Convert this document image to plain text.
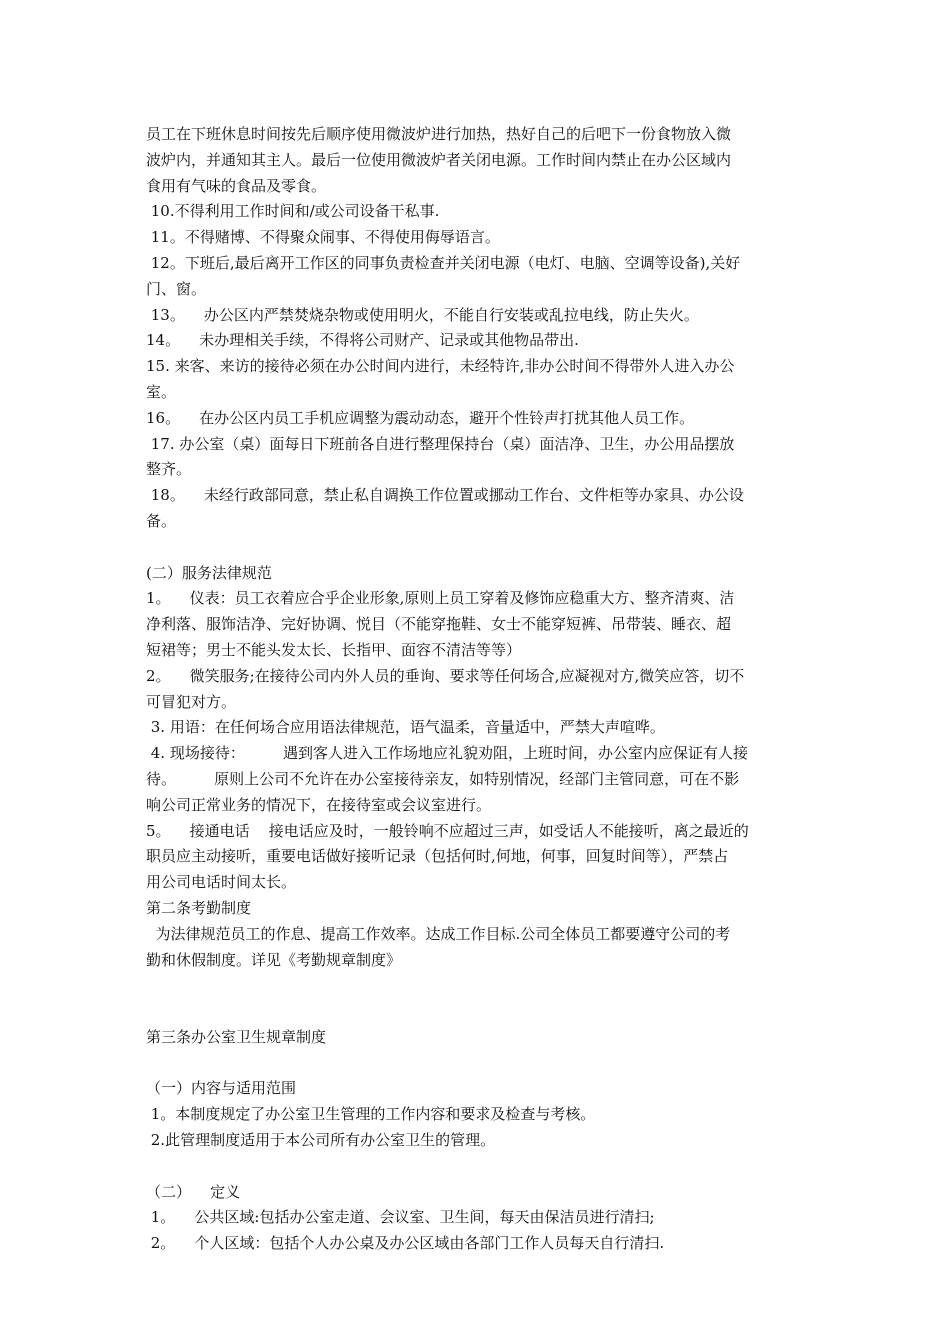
员工在下班休息时间按先后顺序使用微波炉进行加热，热好自己的后吧下一份食物放入微
波炉内，并通知其主人。最后一位使用微波炉者关闭电源。工作时间内禁止在办公区域内
食用有气味的食品及零食。
10.不得利用工作时间和/或公司设备干私事.
11。不得赌博、不得聚众闹事、不得使用侮辱语言。
12。下班后,最后离开工作区的同事负责检查并关闭电源（电灯、电脑、空调等设备),关好
门、窗。
13。    办公区内严禁焚烧杂物或使用明火，不能自行安装或乱拉电线，防止失火。
14。    未办理相关手续，不得将公司财产、记录或其他物品带出.
15. 来客、来访的接待必须在办公时间内进行，未经特许,非办公时间不得带外人进入办公
室。
16。    在办公区内员工手机应调整为震动动态，避开个性铃声打扰其他人员工作。
17. 办公室（桌）面每日下班前各自进行整理保持台（桌）面洁净、卫生，办公用品摆放
整齐。
18。    未经行政部同意，禁止私自调换工作位置或挪动工作台、文件柜等办家具、办公设
备。
(二）服务法律规范
1。    仪表：员工衣着应合乎企业形象,原则上员工穿着及修饰应稳重大方、整齐清爽、洁
净利落、服饰洁净、完好协调、悦目（不能穿拖鞋、女士不能穿短裤、吊带装、睡衣、超
短裙等；男士不能头发太长、长指甲、面容不清洁等等）
2。    微笑服务;在接待公司内外人员的垂询、要求等任何场合,应凝视对方,微笑应答，切不
可冒犯对方。
3. 用语：在任何场合应用语法律规范，语气温柔，音量适中，严禁大声喧哗。
4. 现场接待：        遇到客人进入工作场地应礼貌劝阻，上班时间，办公室内应保证有人接
待。        原则上公司不允许在办公室接待亲友，如特别情况，经部门主管同意，可在不影
响公司正常业务的情况下，在接待室或会议室进行。
5。    接通电话    接电话应及时，一般铃响不应超过三声，如受话人不能接听，离之最近的
职员应主动接听，重要电话做好接听记录（包括何时,何地，何事，回复时间等），严禁占
用公司电话时间太长。
第二条考勤制度
为法律规范员工的作息、提高工作效率。达成工作目标.公司全体员工都要遵守公司的考
勤和休假制度。详见《考勤规章制度》
第三条办公室卫生规章制度
（一）内容与适用范围
1。本制度规定了办公室卫生管理的工作内容和要求及检查与考核。
2.此管理制度适用于本公司所有办公室卫生的管理。
（二）    定义
1。    公共区域:包括办公室走道、会议室、卫生间，每天由保洁员进行清扫;
2。    个人区域：包括个人办公桌及办公区域由各部门工作人员每天自行清扫.
